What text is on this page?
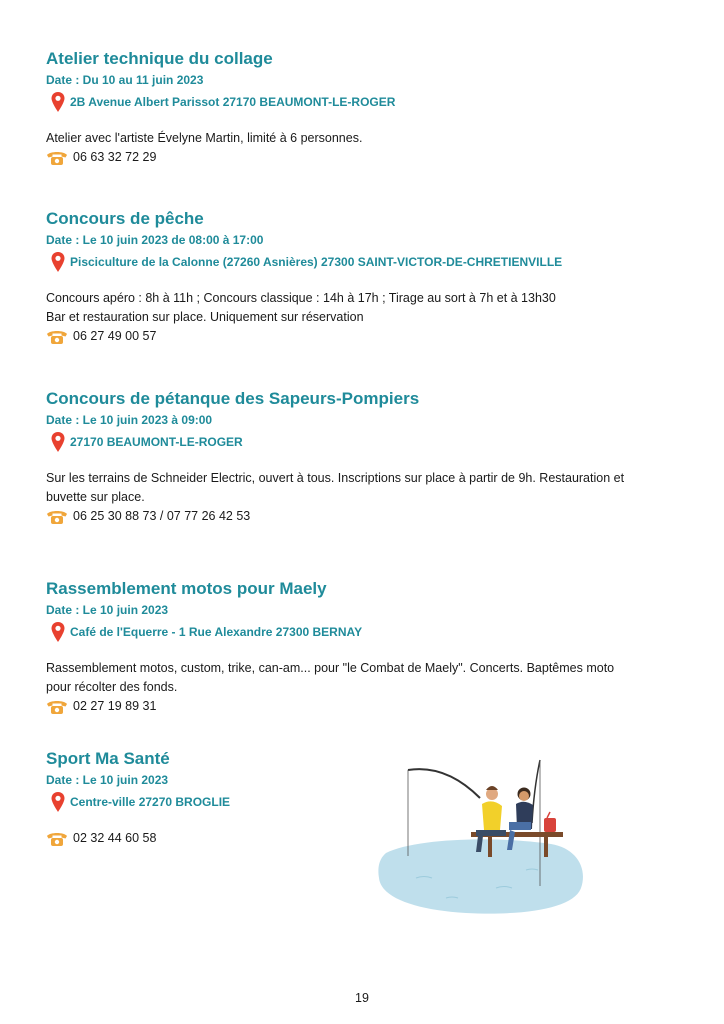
Atelier technique du collage
Date : Du 10 au 11 juin 2023
2B Avenue Albert Parissot 27170 BEAUMONT-LE-ROGER
Atelier avec l'artiste Évelyne Martin, limité à 6 personnes.
06 63 32 72 29
Concours de pêche
Date : Le 10 juin 2023 de 08:00 à 17:00
Pisciculture de la Calonne (27260 Asnières) 27300 SAINT-VICTOR-DE-CHRETIENVILLE
Concours apéro : 8h à 11h ; Concours classique : 14h à 17h ; Tirage au sort à 7h et à 13h30
Bar et restauration sur place. Uniquement sur réservation
06 27 49 00 57
Concours de pétanque des Sapeurs-Pompiers
Date : Le 10 juin 2023 à 09:00
27170 BEAUMONT-LE-ROGER
Sur les terrains de Schneider Electric, ouvert à tous. Inscriptions sur place à partir de 9h. Restauration et
buvette sur place.
06 25 30 88 73 / 07 77 26 42 53
Rassemblement motos pour Maely
Date : Le 10 juin 2023
Café de l'Equerre - 1 Rue Alexandre 27300 BERNAY
Rassemblement motos, custom, trike, can-am... pour "le Combat de Maely". Concerts. Baptêmes moto
pour récolter des fonds.
02 27 19 89 31
Sport Ma Santé
Date : Le 10 juin 2023
Centre-ville 27270 BROGLIE
02 32 44 60 58
19
